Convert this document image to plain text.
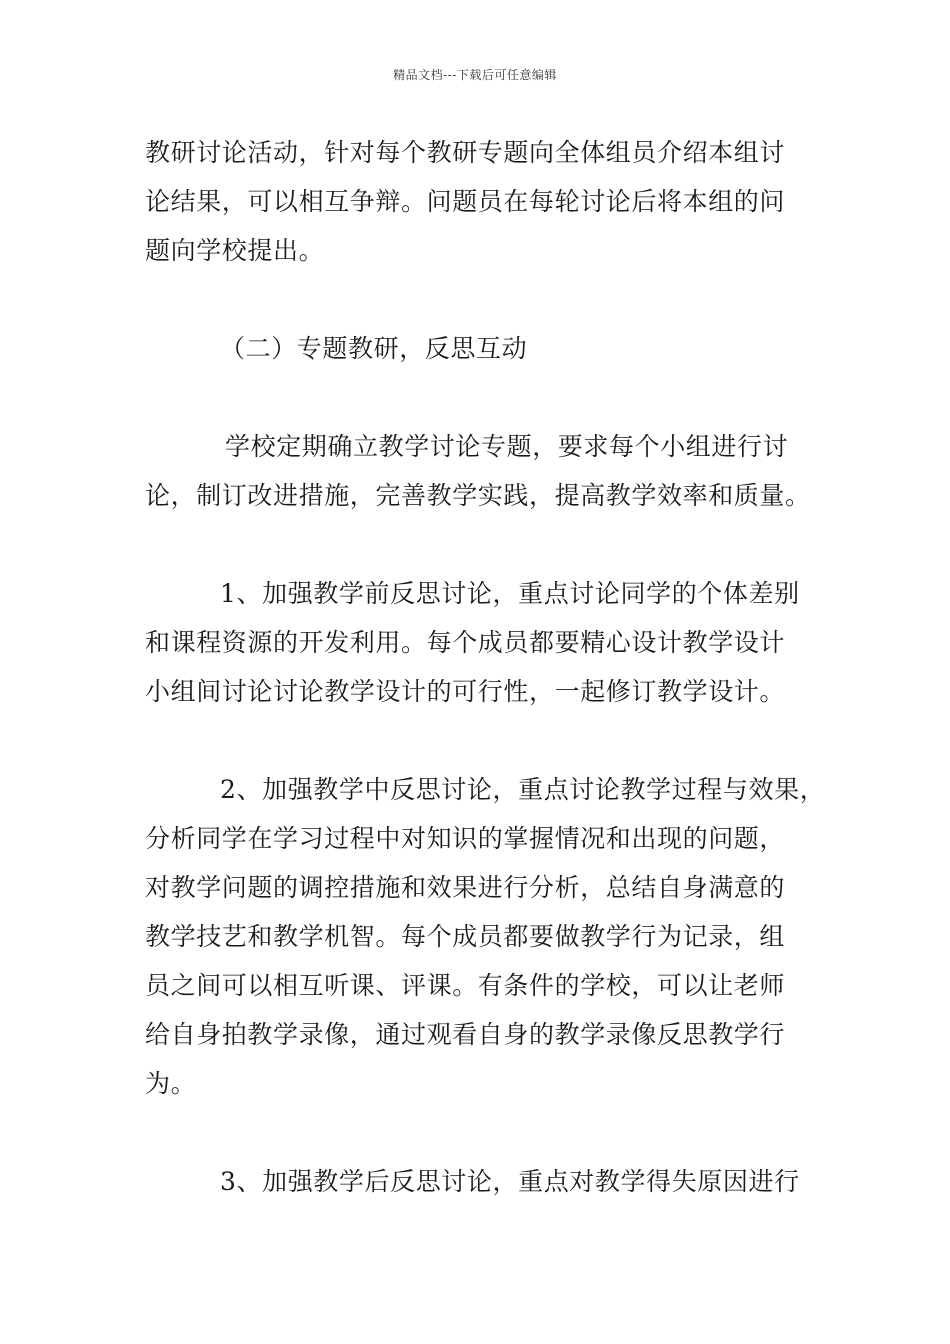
精品文档---下载后可任意编辑
教研讨论活动，针对每个教研专题向全体组员介绍本组讨
论结果，可以相互争辩。问题员在每轮讨论后将本组的问
题向学校提出。
（二）专题教研，反思互动
学校定期确立教学讨论专题，要求每个小组进行讨
论，制订改进措施，完善教学实践，提高教学效率和质量。
1、加强教学前反思讨论，重点讨论同学的个体差别
和课程资源的开发利用。每个成员都要精心设计教学设计
小组间讨论讨论教学设计的可行性，一起修订教学设计。
2、加强教学中反思讨论，重点讨论教学过程与效果，
分析同学在学习过程中对知识的掌握情况和出现的问题，
对教学问题的调控措施和效果进行分析，总结自身满意的
教学技艺和教学机智。每个成员都要做教学行为记录，组
员之间可以相互听课、评课。有条件的学校，可以让老师
给自身拍教学录像，通过观看自身的教学录像反思教学行
为。
3、加强教学后反思讨论，重点对教学得失原因进行
